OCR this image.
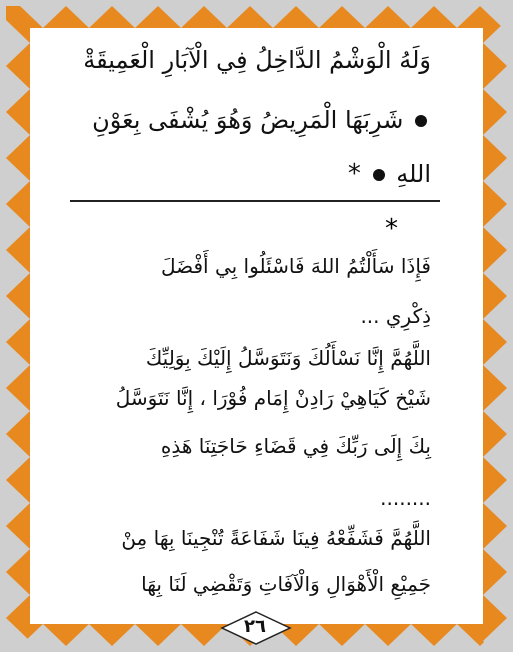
وَلَهُ الْوَشْمُ الدَّاخِلُ فِي الْآبَارِ الْعَمِيقَةْ
شَرِبَهَا الْمَرِيضُ وَهُوَ يُشْفَى بِعَوْنِ
اللهِ  *
*
فَإِذَا سَأَلْتُمُ اللهَ فَاسْئَلُوا بِي أَفْضَلَ
ذِكْرِي ...
اللَّهُمَّ إِنَّا نَسْأَلُكَ وَنَتَوَسَّلُ إِلَيْكَ بِوَلِيِّكَ
شَيْخ كَيَاهِيْ رَادِنْ إِمَام فُوْرَا ، إِنَّا نَتَوَسَّلُ
بِكَ إِلَى رَبِّكَ فِي قَضَاءِ حَاجَتِنَا هَذِهِ
........
اللَّهُمَّ فَشَفِّعْهُ فِينَا شَفَاعَةً تُنْجِينَا بِهَا مِنْ
جَمِيْعِ الْأَهْوَالِ وَالْآفَاتِ وَتَقْضِي لَنَا بِهَا
٢٦
